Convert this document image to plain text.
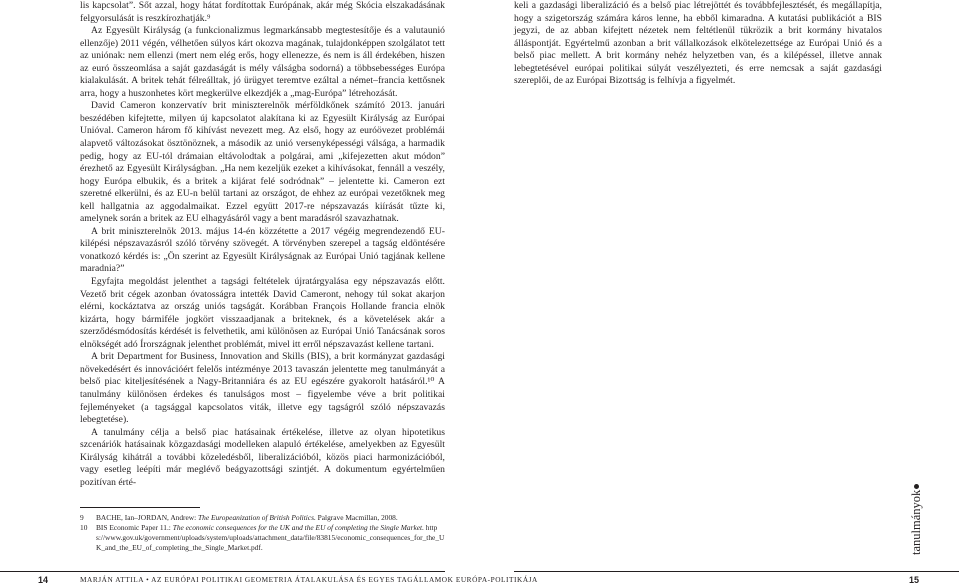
lis kapcsolat”. Sőt azzal, hogy hátat fordítottak Európának, akár még Skócia elszakadásának felgyorsulását is reszkírozhatják.⁹

Az Egyesült Királyság (a funkcionalizmus legmarkánsabb megtestesítője és a valutaunió ellenzője) 2011 végén, vélhetően súlyos kárt okozva magának, tulajdonképpen szolgálatot tett az uniónak: nem ellenzi (mert nem elég erős, hogy ellenezze, és nem is áll érdekében, hiszen az euró összeomlása a saját gazdaságát is mély válságba sodorná) a többsebességes Európa kialakulását. A britek tehát félreálltak, jó ürügyet teremtve ezáltal a német–francia kettősnek arra, hogy a huszonhetes kört megkerülve elkezdjék a „mag-Európa” létrehozását.

David Cameron konzervatív brit miniszterelnök mérföldkőnek számító 2013. januári beszédében kifejtette, milyen új kapcsolatot alakítana ki az Egyesült Királyság az Európai Unióval. Cameron három fő kihívást nevezett meg. Az első, hogy az euróövezet problémái alapvető változásokat ösztönöznek, a második az unió versenyképességi válsága, a harmadik pedig, hogy az EU-tól drámaian eltávolodtak a polgárai, ami „kifejezetten akut módon” érezhető az Egyesült Királyságban. „Ha nem kezeljük ezeket a kihívásokat, fennáll a veszély, hogy Európa elbukik, és a britek a kijárat felé sodródnak” – jelentette ki. Cameron ezt szeretné elkerülni, és az EU-n belül tartani az országot, de ehhez az európai vezetőknek meg kell hallgatnia az aggodalmaikat. Ezzel együtt 2017-re népszavazás kiírását tűzte ki, amelynek során a britek az EU elhagyásáról vagy a bent maradásról szavazhatnak.

A brit miniszterelnök 2013. május 14-én közzétette a 2017 végéig megrendezendő EU-kilépési népszavazásról szóló törvény szövegét. A törvényben szerepel a tagság eldöntésére vonatkozó kérdés is: „Ön szerint az Egyesült Királyságnak az Európai Unió tagjának kellene maradnia?”

Egyfajta megoldást jelenthet a tagsági feltételek újratárgyalása egy népszavazás előtt. Vezető brit cégek azonban óvatosságra intették David Cameront, nehogy túl sokat akarjon elérni, kockáztatva az ország uniós tagságát. Korábban François Hollande francia elnök kizárta, hogy bármiféle jogkört visszaadjanak a briteknek, és a követelések akár a szerződésmódosítás kérdését is felvethetik, ami különösen az Európai Unió Tanácsának soros elnökségét adó Írországnak jelenthet problémát, mivel itt erről népszavazást kellene tartani.

A brit Department for Business, Innovation and Skills (BIS), a brit kormányzat gazdasági növekedésért és innovációért felelős intézménye 2013 tavaszán jelentette meg tanulmányát a belső piac kiteljesítésének a Nagy-Britanniára és az EU egészére gyakorolt hatásáról.¹⁰ A tanulmány különösen érdekes és tanulságos most – figyelembe véve a brit politikai fejleményeket (a tagsággal kapcsolatos viták, illetve egy tagságról szóló népszavazás lebegtetése).

A tanulmány célja a belső piac hatásainak értékelése, illetve az olyan hipotetikus szcenáriók hatásainak közgazdasági modelleken alapuló értékelése, amelyekben az Egyesült Királyság kihátrál a további közeledésből, liberalizációból, közös piaci harmonizációból, vagy esetleg leépíti már meglévő beágyazottsági szintjét. A dokumentum egyértelműen pozitívan érté-

keli a gazdasági liberalizáció és a belső piac létrejöttét és továbbfejlesztését, és megállapítja, hogy a szigetország számára káros lenne, ha ebből kimaradna. A kutatási publikációt a BIS jegyzi, de az abban kifejtett nézetek nem feltétlenül tükrözik a brit kormány hivatalos álláspontját. Egyértelmű azonban a brit vállalkozások elkötelezettsége az Európai Unió és a belső piac mellett. A brit kormány nehéz helyzetben van, és a kilépéssel, illetve annak lebegtetésével európai politikai súlyát veszélyezteti, és erre nemcsak a saját gazdasági szereplői, de az Európai Bizottság is felhívja a figyelmét.

9 BACHE, Ian–JORDAN, Andrew: The Europeanization of British Politics. Palgrave Macmillan, 2008.
10 BIS Economic Paper 11.: The economic consequences for the UK and the EU of completing the Single Market. https://www.gov.uk/government/uploads/system/uploads/attachment_data/file/83815/economic_consequences_for_the_UK_and_the_EU_of_completing_the_Single_Market.pdf.
14	MARJÁN ATTILA • AZ EURÓPAI POLITIKAI GEOMETRIA ÁTALAKULÁSA ÉS EGYES TAGÁLLAMOK EURÓPA-POLITIKÁJA	15
tanulmányok
